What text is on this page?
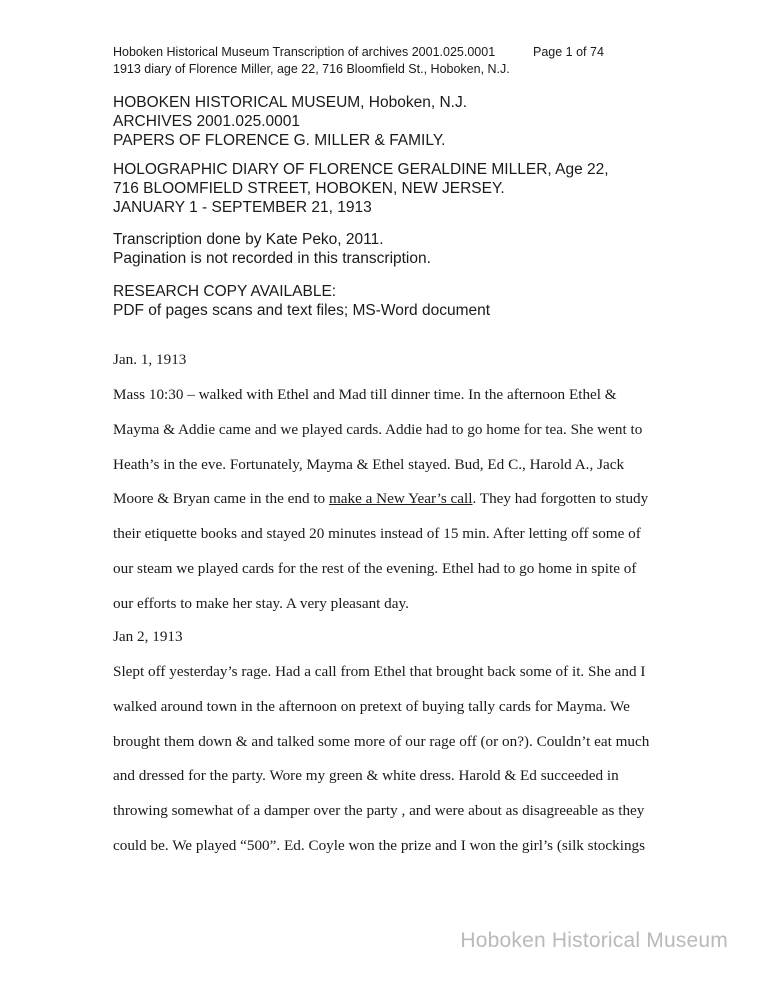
Hoboken Historical Museum Transcription of archives 2001.025.0001	Page 1 of 74
1913 diary of Florence Miller, age 22, 716 Bloomfield St., Hoboken, N.J.
HOBOKEN HISTORICAL MUSEUM, Hoboken, N.J.
ARCHIVES 2001.025.0001
PAPERS OF FLORENCE G. MILLER & FAMILY.
HOLOGRAPHIC DIARY OF FLORENCE GERALDINE MILLER, Age 22,
716 BLOOMFIELD STREET, HOBOKEN, NEW JERSEY.
JANUARY 1 - SEPTEMBER 21, 1913
Transcription done by Kate Peko, 2011.
Pagination is not recorded in this transcription.
RESEARCH COPY AVAILABLE:
PDF of pages scans and text files; MS-Word document
Jan. 1, 1913
Mass 10:30 – walked with Ethel and Mad till dinner time. In the afternoon Ethel &
Mayma & Addie came and we played cards. Addie had to go home for tea. She went to
Heath’s in the eve. Fortunately, Mayma & Ethel stayed. Bud, Ed C., Harold A., Jack
Moore & Bryan came in the end to make a New Year’s call. They had forgotten to study
their etiquette books and stayed 20 minutes instead of 15 min. After letting off some of
our steam we played cards for the rest of the evening. Ethel had to go home in spite of
our efforts to make her stay. A very pleasant day.
Jan 2, 1913
Slept off yesterday’s rage. Had a call from Ethel that brought back some of it. She and I
walked around town in the afternoon on pretext of buying tally cards for Mayma. We
brought them down & and talked some more of our rage off (or on?). Couldn’t eat much
and dressed for the party. Wore my green & white dress. Harold & Ed succeeded in
throwing somewhat of a damper over the party , and were about as disagreeable as they
could be. We played “500”. Ed. Coyle won the prize and I won the girl’s (silk stockings
Hoboken Historical Museum
